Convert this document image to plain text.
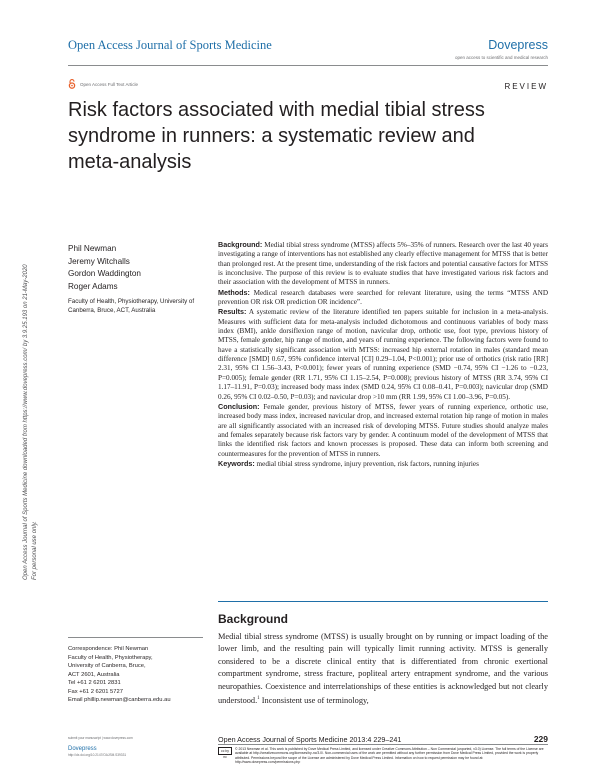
Open Access Journal of Sports Medicine	Dovepress
open access to scientific and medical research
Open Access Full Text Article	REVIEW
Risk factors associated with medial tibial stress syndrome in runners: a systematic review and meta-analysis
Open Access Journal of Sports Medicine downloaded from https://www.dovepress.com/ by 3.9.25.193 on 21-May-2020
For personal use only.
Phil Newman
Jeremy Witchalls
Gordon Waddington
Roger Adams
Faculty of Health, Physiotherapy, University of Canberra, Bruce, ACT, Australia

Background: Medial tibial stress syndrome (MTSS) affects 5%–35% of runners. Research over the last 40 years investigating a range of interventions has not established any clearly effective management for MTSS that is better than prolonged rest. At the present time, understanding of the risk factors and potential causative factors for MTSS is inconclusive. The purpose of this review is to evaluate studies that have investigated various risk factors and their association with the development of MTSS in runners.

Methods: Medical research databases were searched for relevant literature, using the terms “MTSS AND prevention OR risk OR prediction OR incidence”.

Results: A systematic review of the literature identified ten papers suitable for inclusion in a meta-analysis. Measures with sufficient data for meta-analysis included dichotomous and continuous variables of body mass index (BMI), ankle dorsiflexion range of motion, navicular drop, orthotic use, foot type, previous history of MTSS, female gender, hip range of motion, and years of running experience. The following factors were found to have a statistically significant association with MTSS: increased hip external rotation in males (standard mean difference [SMD] 0.67, 95% confidence interval [CI] 0.29–1.04, P<0.001); prior use of orthotics (risk ratio [RR] 2.31, 95% CI 1.56–3.43, P<0.001); fewer years of running experience (SMD −0.74, 95% CI −1.26 to −0.23, P=0.005); female gender (RR 1.71, 95% CI 1.15–2.54, P=0.008); previous history of MTSS (RR 3.74, 95% CI 1.17–11.91, P=0.03); increased body mass index (SMD 0.24, 95% CI 0.08–0.41, P=0.003); navicular drop (SMD 0.26, 95% CI 0.02–0.50, P=0.03); and navicular drop >10 mm (RR 1.99, 95% CI 1.00–3.96, P=0.05).

Conclusion: Female gender, previous history of MTSS, fewer years of running experience, orthotic use, increased body mass index, increased navicular drop, and increased external rotation hip range of motion in males are all significantly associated with an increased risk of developing MTSS. Future studies should analyze males and females separately because risk factors vary by gender. A continuum model of the development of MTSS that links the identified risk factors and known processes is proposed. These data can inform both screening and countermeasures for the prevention of MTSS in runners.

Keywords: medial tibial stress syndrome, injury prevention, risk factors, running injuries

Background

Medial tibial stress syndrome (MTSS) is usually brought on by running or impact loading of the lower limb, and the resulting pain will typically limit running activity. MTSS is generally considered to be a discrete clinical entity that is differentiated from chronic exertional compartment syndrome, stress fracture, popliteal artery entrapment syndrome, and the various neuropathies. Coexistence and interrelationships of these entities is acknowledged but not clearly understood.$^1$ Inconsistent use of terminology,

Correspondence: Phil Newman
Faculty of Health, Physiotherapy,
University of Canberra, Bruce,
ACT 2601, Australia
Tel +61 2 6201 2831
Fax +61 2 6201 5727
Email phillip.newman@canberra.edu.au
submit your manuscript | www.dovepress.com
Dovepress
http://dx.doi.org/10.2147/OAJSM.S39331
Open Access Journal of Sports Medicine 2013:4 229–241	229
cc by nc
© 2013 Newman et al. This work is published by Dove Medical Press Limited, and licensed under Creative Commons Attribution – Non Commercial (unported, v3.0) License. The full terms of the License are available at http://creativecommons.org/licenses/by-nc/3.0/. Non-commercial uses of the work are permitted without any further permission from Dove Medical Press Limited, provided the work is properly attributed. Permissions beyond the scope of the License are administered by Dove Medical Press Limited. Information on how to request permission may be found at: http://www.dovepress.com/permissions.php
